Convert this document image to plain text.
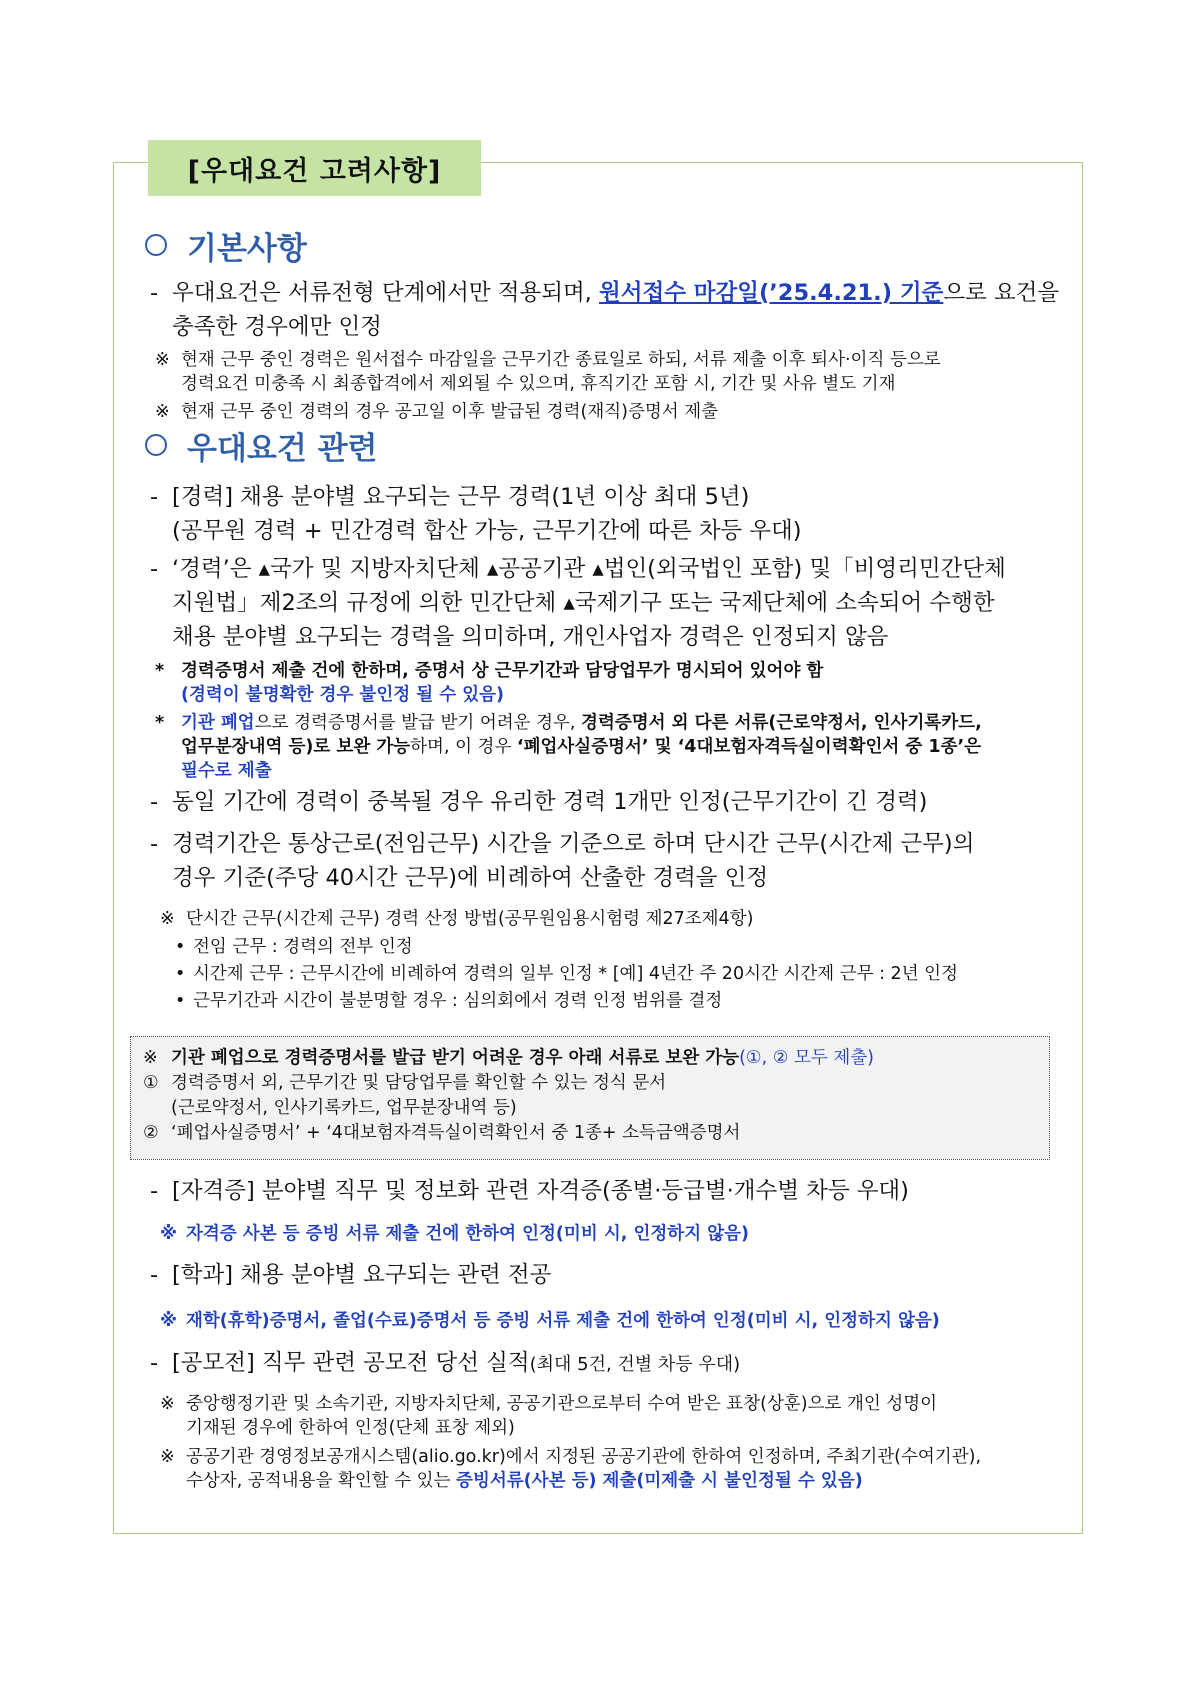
[우대요건 고려사항]
기본사항
- 우대요건은 서류전형 단계에서만 적용되며, 원서접수 마감일(’25.4.21.) 기준으로 요건을
충족한 경우에만 인정
※ 현재 근무 중인 경력은 원서접수 마감일을 근무기간 종료일로 하되, 서류 제출 이후 퇴사·이직 등으로
경력요건 미충족 시 최종합격에서 제외될 수 있으며, 휴직기간 포함 시, 기간 및 사유 별도 기재
※ 현재 근무 중인 경력의 경우 공고일 이후 발급된 경력(재직)증명서 제출
우대요건 관련
- [경력] 채용 분야별 요구되는 근무 경력(1년 이상 최대 5년)
(공무원 경력 + 민간경력 합산 가능, 근무기간에 따른 차등 우대)
- ‘경력’은 ▴국가 및 지방자치단체 ▴공공기관 ▴법인(외국법인 포함) 및「비영리민간단체
지원법」제2조의 규정에 의한 민간단체 ▴국제기구 또는 국제단체에 소속되어 수행한
채용 분야별 요구되는 경력을 의미하며, 개인사업자 경력은 인정되지 않음
* 경력증명서 제출 건에 한하며, 증명서 상 근무기간과 담당업무가 명시되어 있어야 함
(경력이 불명확한 경우 불인정 될 수 있음)
* 기관 폐업으로 경력증명서를 발급 받기 어려운 경우, 경력증명서 외 다른 서류(근로약정서, 인사기록카드,
업무분장내역 등)로 보완 가능하며, 이 경우 ‘폐업사실증명서’ 및 ‘4대보험자격득실이력확인서 중 1종’은
필수로 제출
- 동일 기간에 경력이 중복될 경우 유리한 경력 1개만 인정(근무기간이 긴 경력)
- 경력기간은 통상근로(전임근무) 시간을 기준으로 하며 단시간 근무(시간제 근무)의
경우 기준(주당 40시간 근무)에 비례하여 산출한 경력을 인정
※ 단시간 근무(시간제 근무) 경력 산정 방법(공무원임용시험령 제27조제4항)
• 전임 근무 : 경력의 전부 인정
• 시간제 근무 : 근무시간에 비례하여 경력의 일부 인정 * [예] 4년간 주 20시간 시간제 근무 : 2년 인정
• 근무기간과 시간이 불분명할 경우 : 심의회에서 경력 인정 범위를 결정
- [자격증] 분야별 직무 및 정보화 관련 자격증(종별·등급별·개수별 차등 우대)
※ 자격증 사본 등 증빙 서류 제출 건에 한하여 인정(미비 시, 인정하지 않음)
- [학과] 채용 분야별 요구되는 관련 전공
※ 재학(휴학)증명서, 졸업(수료)증명서 등 증빙 서류 제출 건에 한하여 인정(미비 시, 인정하지 않음)
- [공모전] 직무 관련 공모전 당선 실적(최대 5건, 건별 차등 우대)
※ 중앙행정기관 및 소속기관, 지방자치단체, 공공기관으로부터 수여 받은 표창(상훈)으로 개인 성명이
기재된 경우에 한하여 인정(단체 표창 제외)
※ 공공기관 경영정보공개시스템(alio.go.kr)에서 지정된 공공기관에 한하여 인정하며, 주최기관(수여기관),
수상자, 공적내용을 확인할 수 있는 증빙서류(사본 등) 제출(미제출 시 불인정될 수 있음)
※ 기관 폐업으로 경력증명서를 발급 받기 어려운 경우 아래 서류로 보완 가능(①, ② 모두 제출)
① 경력증명서 외, 근무기간 및 담당업무를 확인할 수 있는 정식 문서
(근로약정서, 인사기록카드, 업무분장내역 등)
② ‘폐업사실증명서’ + ‘4대보험자격득실이력확인서 중 1종+ 소득금액증명서
